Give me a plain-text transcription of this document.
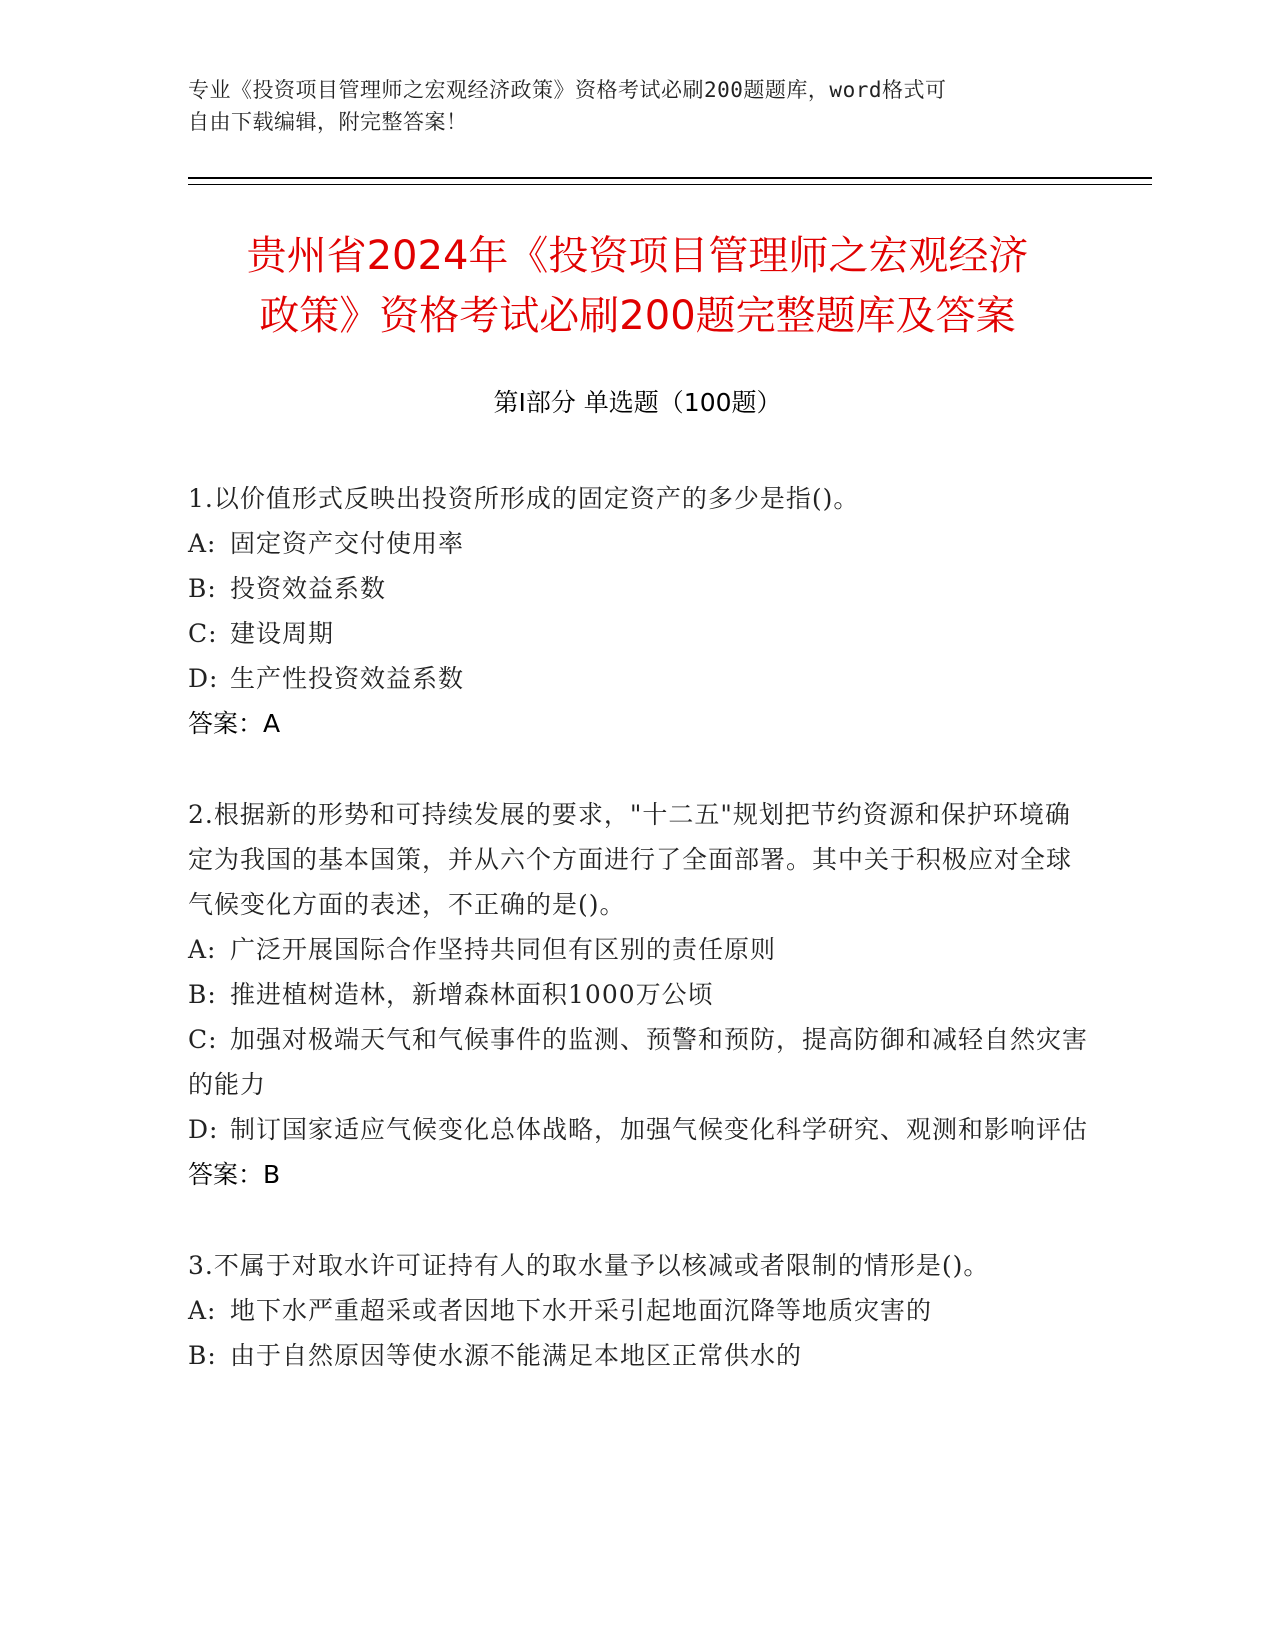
专业《投资项目管理师之宏观经济政策》资格考试必刷200题题库，word格式可
自由下载编辑，附完整答案！
贵州省2024年《投资项目管理师之宏观经济
政策》资格考试必刷200题完整题库及答案
第Ⅰ部分 单选题（100题）

1.以价值形式反映出投资所形成的固定资产的多少是指()。

A: 固定资产交付使用率

B: 投资效益系数

C: 建设周期

D: 生产性投资效益系数

答案：A

2.根据新的形势和可持续发展的要求，"十二五"规划把节约资源和保护环境确定为我国的基本国策，并从六个方面进行了全面部署。其中关于积极应对全球气候变化方面的表述，不正确的是()。

A: 广泛开展国际合作坚持共同但有区别的责任原则

B: 推进植树造林，新增森林面积1000万公顷

C: 加强对极端天气和气候事件的监测、预警和预防，提高防御和减轻自然灾害的能力

D: 制订国家适应气候变化总体战略，加强气候变化科学研究、观测和影响评估

答案：B

3.不属于对取水许可证持有人的取水量予以核减或者限制的情形是()。

A: 地下水严重超采或者因地下水开采引起地面沉降等地质灾害的

B: 由于自然原因等使水源不能满足本地区正常供水的
